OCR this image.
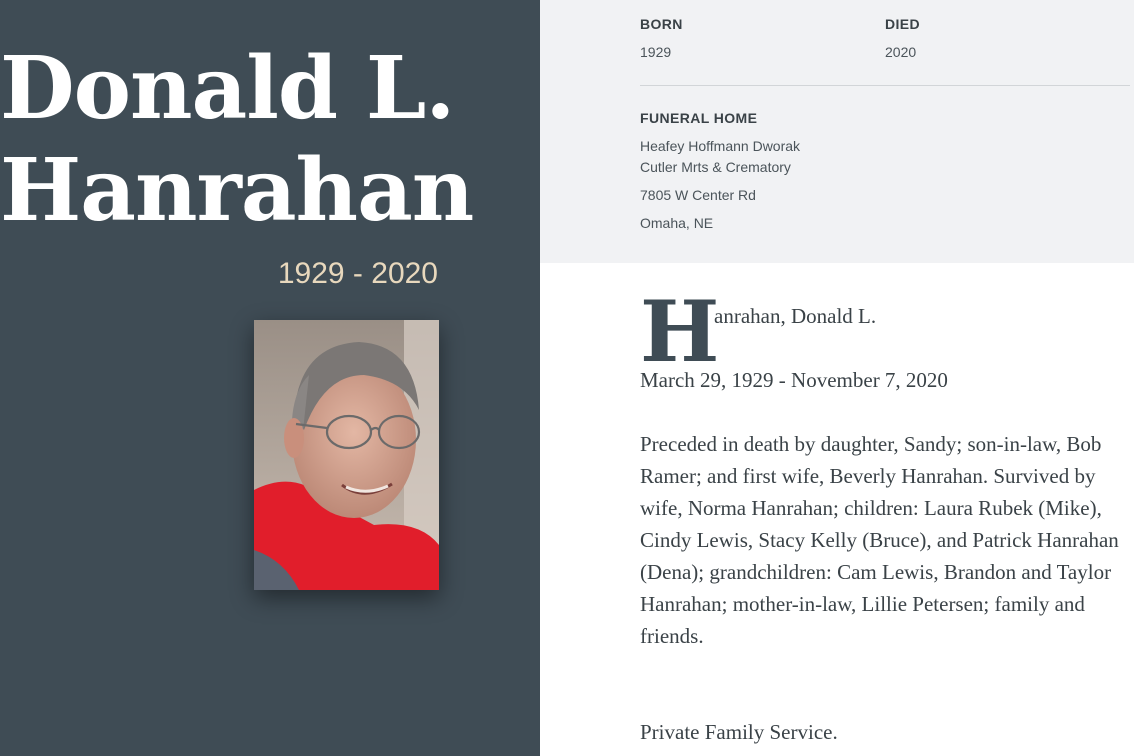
Donald L.
Hanrahan
1929 - 2020
BORN
1929
DIED
2020
FUNERAL HOME
Heafey Hoffmann Dworak
Cutler Mrts & Crematory
7805 W Center Rd
Omaha, NE
H
anrahan, Donald L.
March 29, 1929 - November 7, 2020

Preceded in death by daughter, Sandy; son-in-law, Bob Ramer; and first wife, Beverly Hanrahan. Survived by wife, Norma Hanrahan; children: Laura Rubek (Mike), Cindy Lewis, Stacy Kelly (Bruce), and Patrick Hanrahan (Dena); grandchildren: Cam Lewis, Brandon and Taylor Hanrahan; mother-in-law, Lillie Petersen; family and friends.

Private Family Service.
